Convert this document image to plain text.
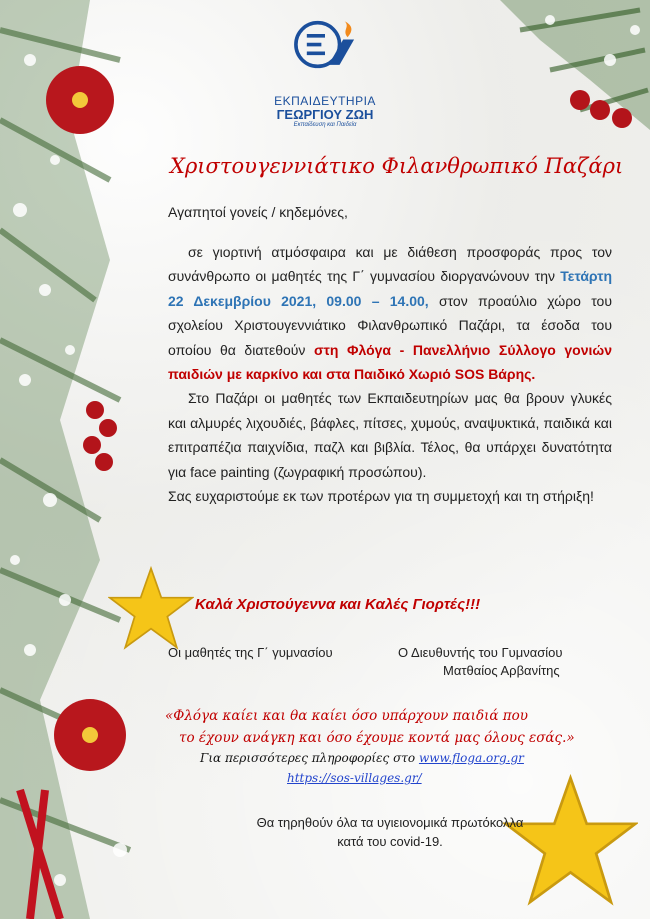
ΕΚΠΑΙΔΕΥΤΗΡΙΑ
ΓΕΩΡΓΙΟΥ ΖΩΗ
Εκπαίδευση και Παιδεία
Χριστουγεννιάτικο Φιλανθρωπικό Παζάρι
Αγαπητοί γονείς / κηδεμόνες,

σε γιορτινή ατμόσφαιρα και με διάθεση προσφοράς προς τον συνάνθρωπο οι μαθητές της Γ΄ γυμνασίου διοργανώνουν την Τετάρτη 22 Δεκεμβρίου 2021, 09.00 – 14.00, στον προαύλιο χώρο του σχολείου Χριστουγεννιάτικο Φιλανθρωπικό Παζάρι, τα έσοδα του οποίου θα διατεθούν στη Φλόγα - Πανελλήνιο Σύλλογο γονιών παιδιών με καρκίνο και στα Παιδικό Χωριό SOS Βάρης.

Στο Παζάρι οι μαθητές των Εκπαιδευτηρίων μας θα βρουν γλυκές και αλμυρές λιχουδιές, βάφλες, πίτσες, χυμούς, αναψυκτικά, παιδικά και επιτραπέζια παιχνίδια, παζλ και βιβλία. Τέλος, θα υπάρχει δυνατότητα για face painting (ζωγραφική προσώπου).

Σας ευχαριστούμε εκ των προτέρων για τη συμμετοχή και τη στήριξη!

Καλά Χριστούγεννα και Καλές Γιορτές!!!
Οι μαθητές της Γ΄ γυμνασίου	Ο Διευθυντής του Γυμνασίου
Ματθαίος Αρβανίτης
«Φλόγα καίει και θα καίει όσο υπάρχουν παιδιά που
το έχουν ανάγκη και όσο έχουμε κοντά μας όλους εσάς.»
Για περισσότερες πληροφορίες στο www.floga.org.gr
https://sos-villages.gr/
Θα τηρηθούν όλα τα υγιειονομικά πρωτόκολλα
κατά του covid-19.
